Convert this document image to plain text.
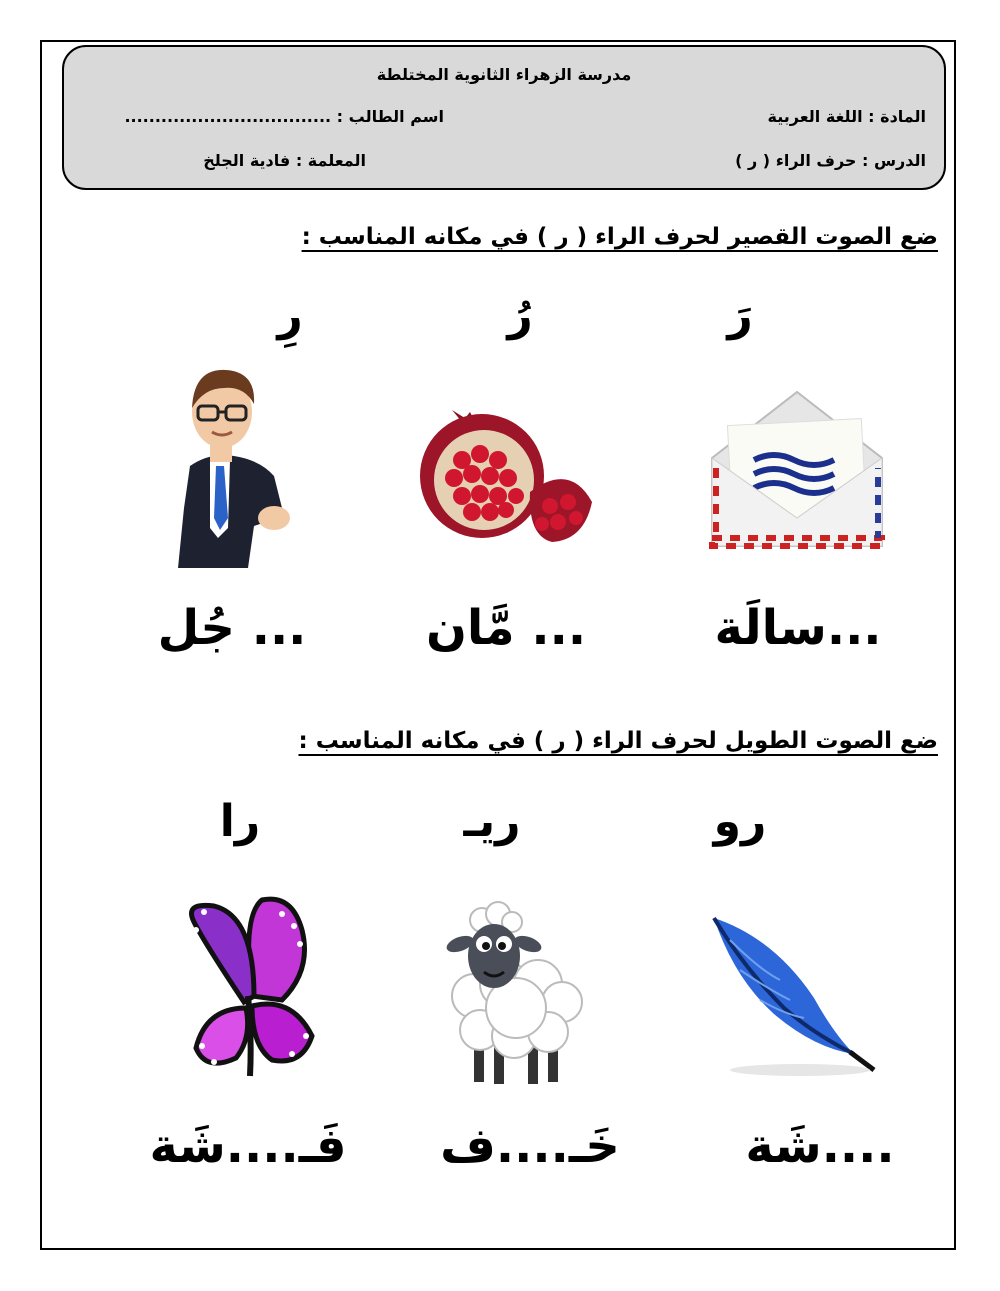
مدرسة الزهراء الثانوية المختلطة
المادة : اللغة العربية
اسم الطالب : ..................................
الدرس : حرف الراء ( ر )
المعلمة : فادية الجلخ
ضع الصوت القصير لحرف الراء ( ر ) في مكانه المناسب :
رَ
رُ
رِ
...سالَة
... مَّان
... جُل
ضع الصوت الطويل لحرف الراء ( ر ) في مكانه المناسب :
رو
ريـ
را
....شَة
خَـ....ف
فَـ....شَة
